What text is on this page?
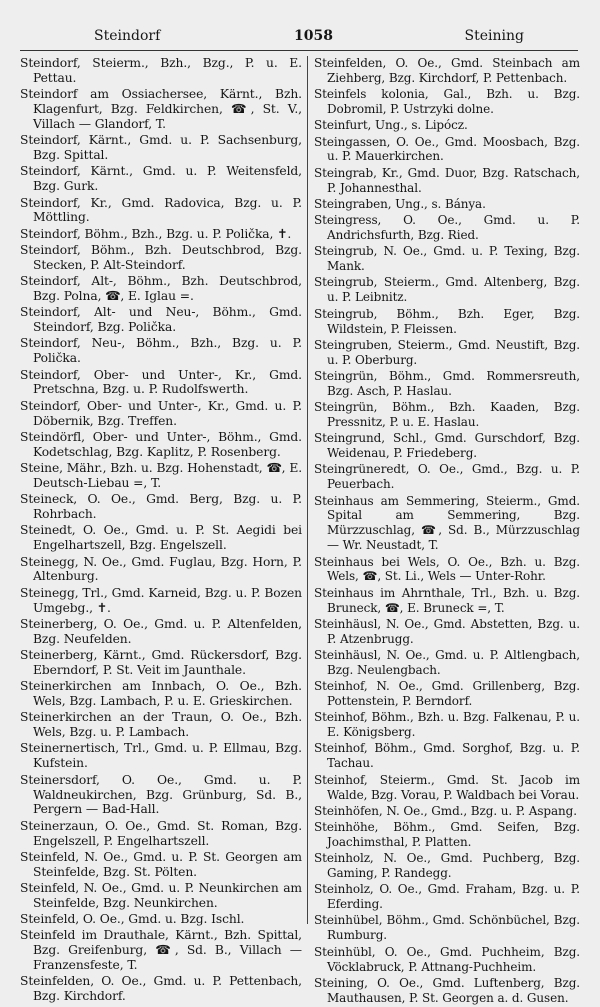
Steindorf	1058	Steining

Steindorf, Steierm., Bzh., Bzg., P. u. E. Pettau.

Steindorf am Ossiachersee, Kärnt., Bzh. Klagenfurt, Bzg. Feldkirchen, ☎, St. V., Villach — Glandorf, T.

Steindorf, Kärnt., Gmd. u. P. Sachsenburg, Bzg. Spittal.

Steindorf, Kärnt., Gmd. u. P. Weitensfeld, Bzg. Gurk.

Steindorf, Kr., Gmd. Radovica, Bzg. u. P. Möttling.

Steindorf, Böhm., Bzh., Bzg. u. P. Polička, ✝.

Steindorf, Böhm., Bzh. Deutschbrod, Bzg. Stecken, P. Alt-Steindorf.

Steindorf, Alt-, Böhm., Bzh. Deutschbrod, Bzg. Polna, ☎, E. Iglau =.

Steindorf, Alt- und Neu-, Böhm., Gmd. Steindorf, Bzg. Polička.

Steindorf, Neu-, Böhm., Bzh., Bzg. u. P. Polička.

Steindorf, Ober- und Unter-, Kr., Gmd. Pretschna, Bzg. u. P. Rudolfswerth.

Steindorf, Ober- und Unter-, Kr., Gmd. u. P. Döbernik, Bzg. Treffen.

Steindörfl, Ober- und Unter-, Böhm., Gmd. Kodetschlag, Bzg. Kaplitz, P. Rosenberg.

Steine, Mähr., Bzh. u. Bzg. Hohenstadt, ☎, E. Deutsch-Liebau =, T.

Steineck, O. Oe., Gmd. Berg, Bzg. u. P. Rohrbach.

Steinedt, O. Oe., Gmd. u. P. St. Aegidi bei Engelhartszell, Bzg. Engelszell.

Steinegg, N. Oe., Gmd. Fuglau, Bzg. Horn, P. Altenburg.

Steinegg, Trl., Gmd. Karneid, Bzg. u. P. Bozen Umgebg., ✝.

Steinerberg, O. Oe., Gmd. u. P. Altenfelden, Bzg. Neufelden.

Steinerberg, Kärnt., Gmd. Rückersdorf, Bzg. Eberndorf, P. St. Veit im Jaunthale.

Steinerkirchen am Innbach, O. Oe., Bzh. Wels, Bzg. Lambach, P. u. E. Grieskirchen.

Steinerkirchen an der Traun, O. Oe., Bzh. Wels, Bzg. u. P. Lambach.

Steinernertisch, Trl., Gmd. u. P. Ellmau, Bzg. Kufstein.

Steinersdorf, O. Oe., Gmd. u. P. Waldneukirchen, Bzg. Grünburg, Sd. B., Pergern — Bad-Hall.

Steinerzaun, O. Oe., Gmd. St. Roman, Bzg. Engelszell, P. Engelhartszell.

Steinfeld, N. Oe., Gmd. u. P. St. Georgen am Steinfelde, Bzg. St. Pölten.

Steinfeld, N. Oe., Gmd. u. P. Neunkirchen am Steinfelde, Bzg. Neunkirchen.

Steinfeld, O. Oe., Gmd. u. Bzg. Ischl.

Steinfeld im Drauthale, Kärnt., Bzh. Spittal, Bzg. Greifenburg, ☎, Sd. B., Villach — Franzensfeste, T.

Steinfelden, O. Oe., Gmd. u. P. Pettenbach, Bzg. Kirchdorf.

Steinfelden, O. Oe., Gmd. Steinbach am Ziehberg, Bzg. Kirchdorf, P. Pettenbach.

Steinfels kolonia, Gal., Bzh. u. Bzg. Dobromil, P. Ustrzyki dolne.

Steinfurt, Ung., s. Lipócz.

Steingassen, O. Oe., Gmd. Moosbach, Bzg. u. P. Mauerkirchen.

Steingrab, Kr., Gmd. Duor, Bzg. Ratschach, P. Johannesthal.

Steingraben, Ung., s. Bánya.

Steingress, O. Oe., Gmd. u. P. Andrichsfurth, Bzg. Ried.

Steingrub, N. Oe., Gmd. u. P. Texing, Bzg. Mank.

Steingrub, Steierm., Gmd. Altenberg, Bzg. u. P. Leibnitz.

Steingrub, Böhm., Bzh. Eger, Bzg. Wildstein, P. Fleissen.

Steingruben, Steierm., Gmd. Neustift, Bzg. u. P. Oberburg.

Steingrün, Böhm., Gmd. Rommersreuth, Bzg. Asch, P. Haslau.

Steingrün, Böhm., Bzh. Kaaden, Bzg. Pressnitz, P. u. E. Haslau.

Steingrund, Schl., Gmd. Gurschdorf, Bzg. Weidenau, P. Friedeberg.

Steingrüneredt, O. Oe., Gmd., Bzg. u. P. Peuerbach.

Steinhaus am Semmering, Steierm., Gmd. Spital am Semmering, Bzg. Mürzzuschlag, ☎, Sd. B., Mürzzuschlag — Wr. Neustadt, T.

Steinhaus bei Wels, O. Oe., Bzh. u. Bzg. Wels, ☎, St. Li., Wels — Unter-Rohr.

Steinhaus im Ahrnthale, Trl., Bzh. u. Bzg. Bruneck, ☎, E. Bruneck =, T.

Steinhäusl, N. Oe., Gmd. Abstetten, Bzg. u. P. Atzenbrugg.

Steinhäusl, N. Oe., Gmd. u. P. Altlengbach, Bzg. Neulengbach.

Steinhof, N. Oe., Gmd. Grillenberg, Bzg. Pottenstein, P. Berndorf.

Steinhof, Böhm., Bzh. u. Bzg. Falkenau, P. u. E. Königsberg.

Steinhof, Böhm., Gmd. Sorghof, Bzg. u. P. Tachau.

Steinhof, Steierm., Gmd. St. Jacob im Walde, Bzg. Vorau, P. Waldbach bei Vorau.

Steinhöfen, N. Oe., Gmd., Bzg. u. P. Aspang.

Steinhöhe, Böhm., Gmd. Seifen, Bzg. Joachimsthal, P. Platten.

Steinholz, N. Oe., Gmd. Puchberg, Bzg. Gaming, P. Randegg.

Steinholz, O. Oe., Gmd. Fraham, Bzg. u. P. Eferding.

Steinhübel, Böhm., Gmd. Schönbüchel, Bzg. Rumburg.

Steinhübl, O. Oe., Gmd. Puchheim, Bzg. Vöcklabruck, P. Attnang-Puchheim.

Steining, O. Oe., Gmd. Luftenberg, Bzg. Mauthausen, P. St. Georgen a. d. Gusen.
